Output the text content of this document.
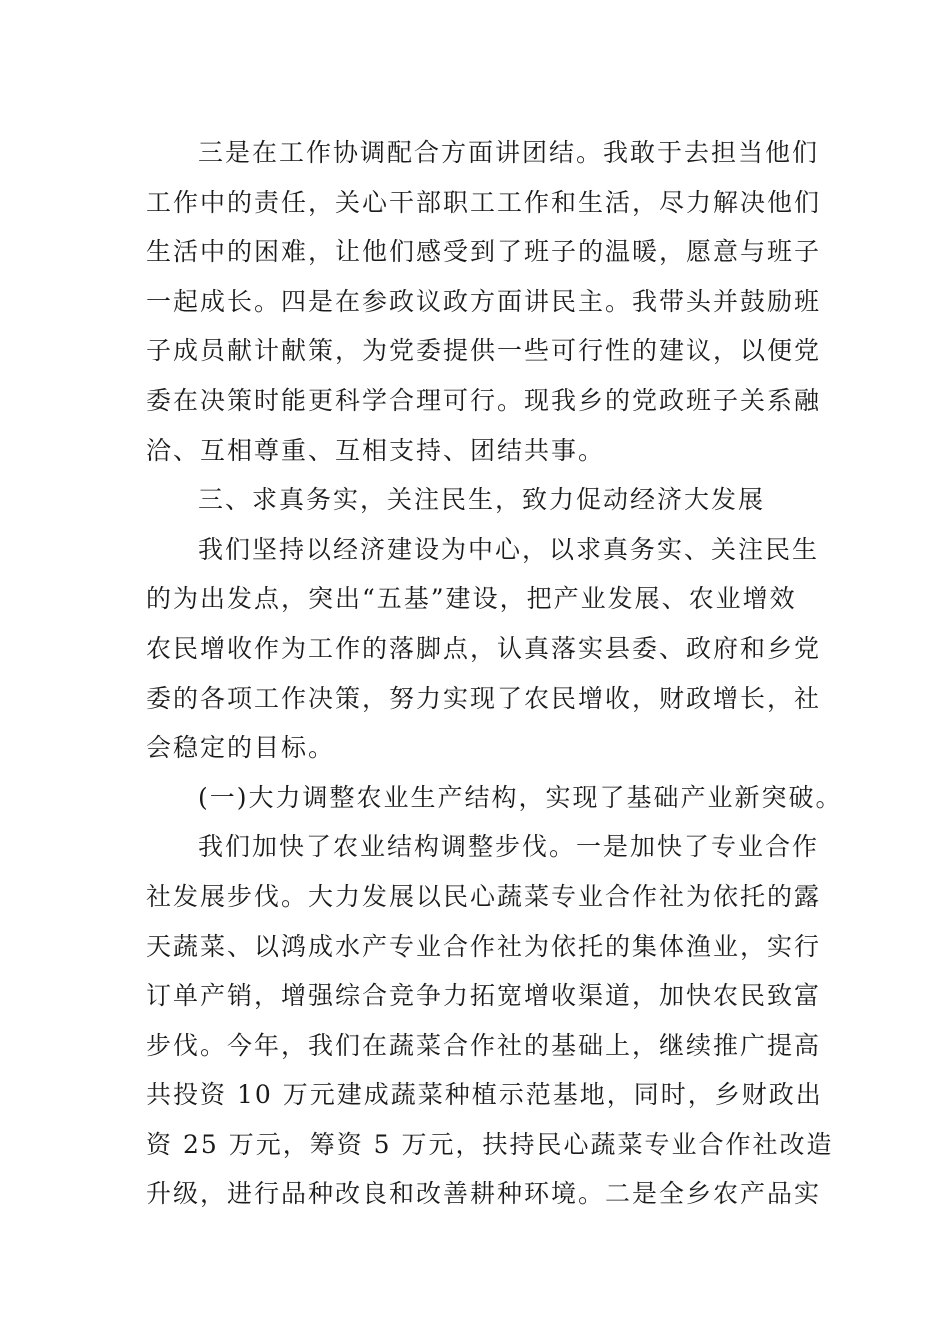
三是在工作协调配合方面讲团结。我敢于去担当他们
工作中的责任，关心干部职工工作和生活，尽力解决他们
生活中的困难，让他们感受到了班子的温暖，愿意与班子
一起成长。四是在参政议政方面讲民主。我带头并鼓励班
子成员献计献策，为党委提供一些可行性的建议，以便党
委在决策时能更科学合理可行。现我乡的党政班子关系融
洽、互相尊重、互相支持、团结共事。
三、求真务实，关注民生，致力促动经济大发展
我们坚持以经济建设为中心，以求真务实、关注民生
的为出发点，突出“五基”建设，把产业发展、农业增效
农民增收作为工作的落脚点，认真落实县委、政府和乡党
委的各项工作决策，努力实现了农民增收，财政增长，社
会稳定的目标。
(一)大力调整农业生产结构，实现了基础产业新突破。
我们加快了农业结构调整步伐。一是加快了专业合作
社发展步伐。大力发展以民心蔬菜专业合作社为依托的露
天蔬菜、以鸿成水产专业合作社为依托的集体渔业，实行
订单产销，增强综合竞争力拓宽增收渠道，加快农民致富
步伐。今年，我们在蔬菜合作社的基础上，继续推广提高
共投资 10 万元建成蔬菜种植示范基地，同时，乡财政出
资 25 万元，筹资 5 万元，扶持民心蔬菜专业合作社改造
升级，进行品种改良和改善耕种环境。二是全乡农产品实
